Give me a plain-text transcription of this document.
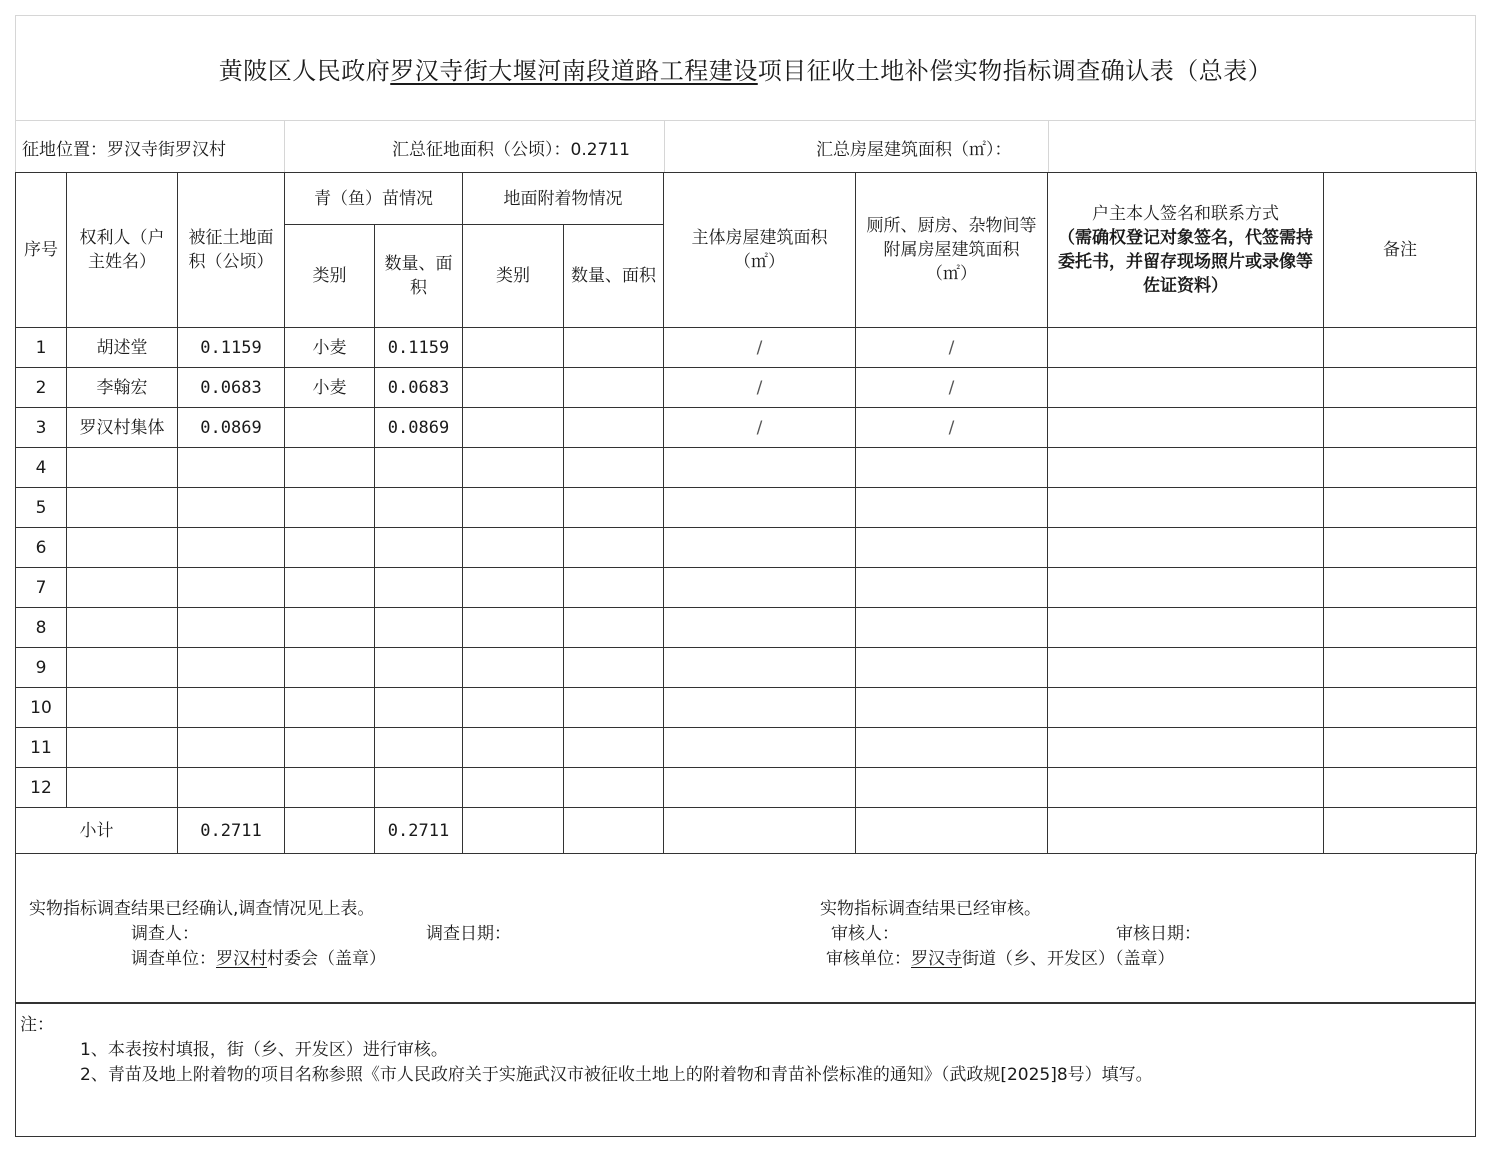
黄陂区人民政府罗汉寺街大堰河南段道路工程建设项目征收土地补偿实物指标调查确认表（总表）
征地位置：罗汉寺街罗汉村	汇总征地面积（公顷）：0.2711	汇总房屋建筑面积（㎡）：
序号	权利人（户主姓名）	被征土地面积（公顷）	青（鱼）苗情况		地面附着物情况		主体房屋建筑面积（㎡）	厕所、厨房、杂物间等附属房屋建筑面积（㎡）	户主本人签名和联系方式
（需确权登记对象签名，代签需持委托书，并留存现场照片或录像等佐证资料）	备注
			类别	数量、面积	类别	数量、面积				
1	胡述堂	0.1159	小麦	0.1159			/	/		
2	李翰宏	0.0683	小麦	0.0683			/	/		
3	罗汉村集体	0.0869		0.0869			/	/		
4										
5										
6										
7										
8										
9										
10										
11										
12										
小计		0.2711		0.2711						
实物指标调查结果已经确认,调查情况见上表。
调查人：	调查日期：
调查单位：罗汉村村委会（盖章）
实物指标调查结果已经审核。
审核人：	审核日期：
审核单位：罗汉寺街道（乡、开发区）（盖章）
注：
1、本表按村填报，街（乡、开发区）进行审核。
2、青苗及地上附着物的项目名称参照《市人民政府关于实施武汉市被征收土地上的附着物和青苗补偿标准的通知》（武政规[2025]8号）填写。
